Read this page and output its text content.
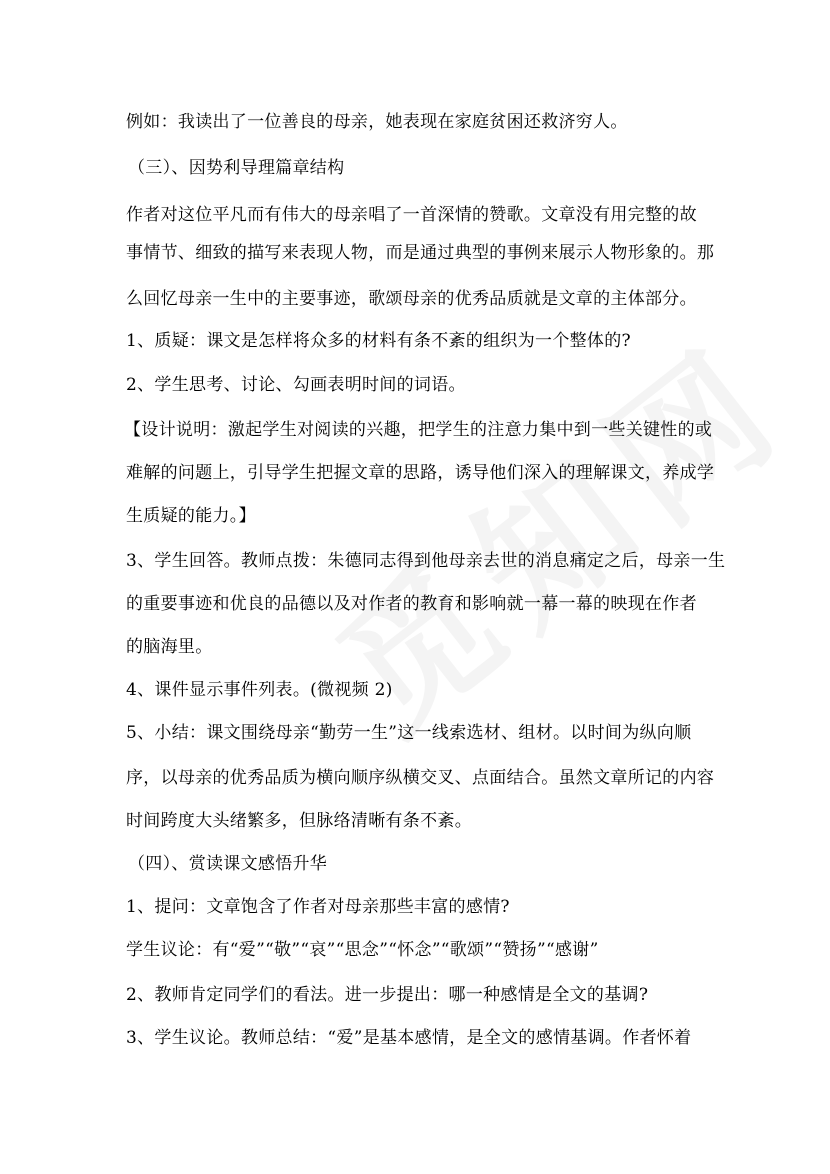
例如：我读出了一位善良的母亲，她表现在家庭贫困还救济穷人。
（三）、因势利导理篇章结构
作者对这位平凡而有伟大的母亲唱了一首深情的赞歌。文章没有用完整的故
事情节、细致的描写来表现人物，而是通过典型的事例来展示人物形象的。那
么回忆母亲一生中的主要事迹，歌颂母亲的优秀品质就是文章的主体部分。
1、质疑：课文是怎样将众多的材料有条不紊的组织为一个整体的?
2、学生思考、讨论、勾画表明时间的词语。
【设计说明：激起学生对阅读的兴趣，把学生的注意力集中到一些关键性的或
难解的问题上，引导学生把握文章的思路，诱导他们深入的理解课文，养成学
生质疑的能力。】
3、学生回答。教师点拨：朱德同志得到他母亲去世的消息痛定之后，母亲一生
的重要事迹和优良的品德以及对作者的教育和影响就一幕一幕的映现在作者
的脑海里。
4、课件显示事件列表。(微视频 2)
5、小结：课文围绕母亲“勤劳一生”这一线索选材、组材。以时间为纵向顺
序，以母亲的优秀品质为横向顺序纵横交叉、点面结合。虽然文章所记的内容
时间跨度大头绪繁多，但脉络清晰有条不紊。
（四）、赏读课文感悟升华
1、提问：文章饱含了作者对母亲那些丰富的感情?
学生议论：有“爱”“敬”“哀”“思念”“怀念”“歌颂”“赞扬”“感谢”
2、教师肯定同学们的看法。进一步提出：哪一种感情是全文的基调?
3、学生议论。教师总结：“爱”是基本感情，是全文的感情基调。作者怀着
